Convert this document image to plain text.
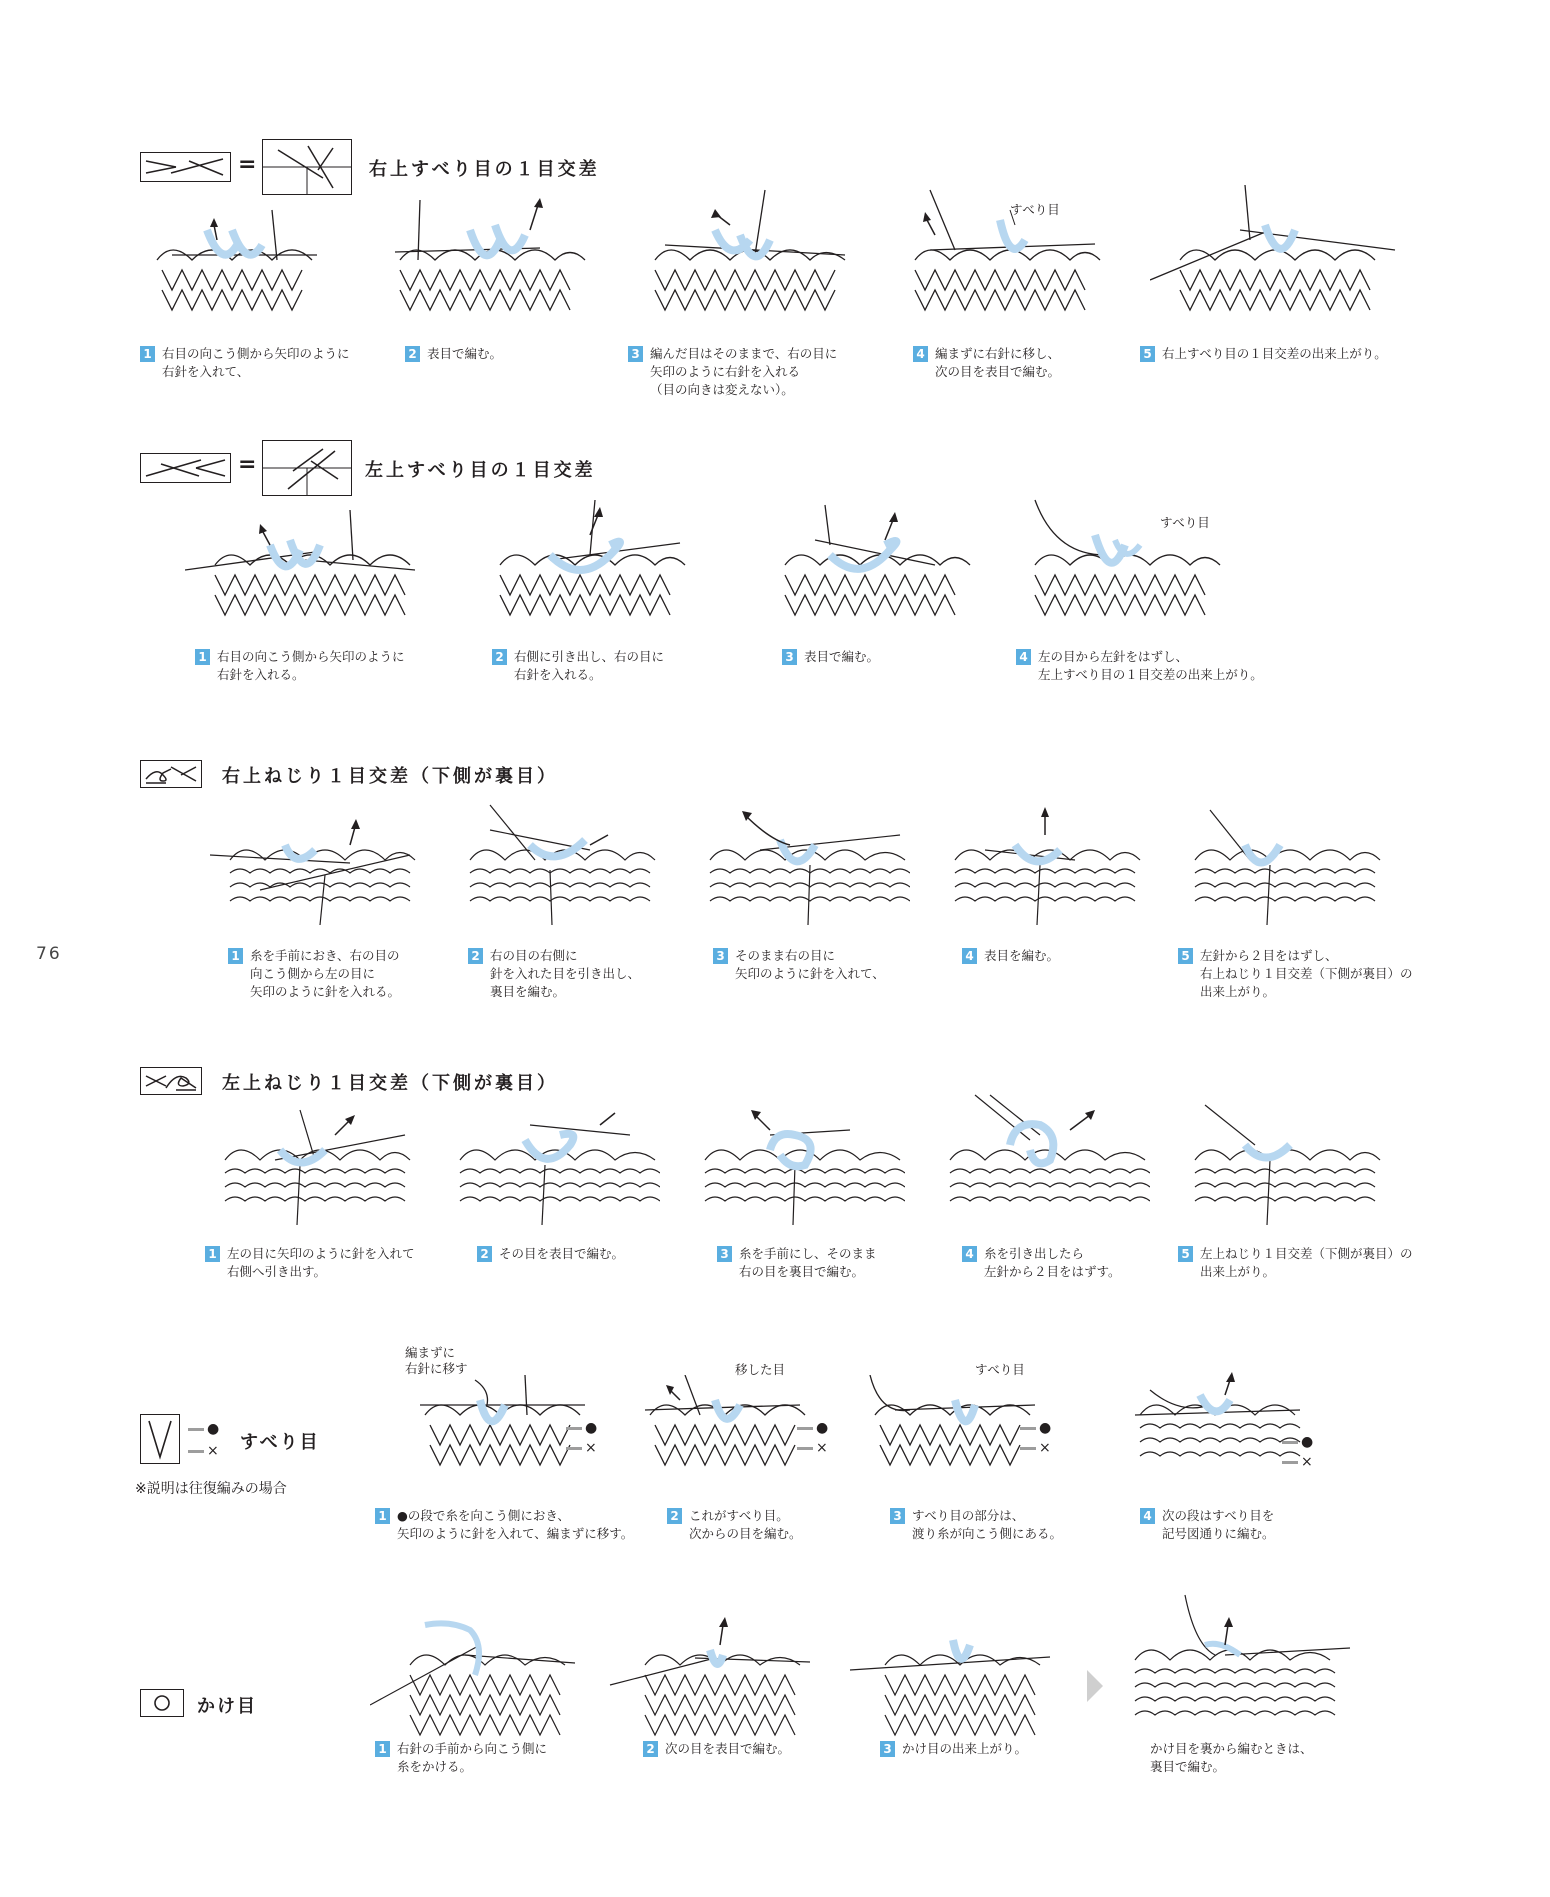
76
=	右上すべり目の１目交差
すべり目
1 右目の向こう側から矢印のように
右針を入れて、
2 表目で編む。	3 編んだ目はそのままで、右の目に
矢印のように右針を入れる
（目の向きは変えない）。
4 編まずに右針に移し、
次の目を表目で編む。
5 右上すべり目の１目交差の出来上がり。
=	左上すべり目の１目交差
すべり目
1 右目の向こう側から矢印のように
右針を入れる。
2 右側に引き出し、右の目に
右針を入れる。
3 表目で編む。	4 左の目から左針をはずし、
左上すべり目の１目交差の出来上がり。
右上ねじり１目交差（下側が裏目）
1 糸を手前におき、右の目の
向こう側から左の目に
矢印のように針を入れる。
2 右の目の右側に
針を入れた目を引き出し、
裏目を編む。
3 そのまま右の目に
矢印のように針を入れて、
4 表目を編む。	5 左針から２目をはずし、
右上ねじり１目交差（下側が裏目）の
出来上がり。
左上ねじり１目交差（下側が裏目）
1 左の目に矢印のように針を入れて
右側へ引き出す。
2 その目を表目で編む。	3 糸を手前にし、そのまま
右の目を裏目で編む。
4 糸を引き出したら
左針から２目をはずす。
5 左上ねじり１目交差（下側が裏目）の
出来上がり。
●
× すべり目
※説明は往復編みの場合
編まずに
右針に移す
●
×
移した目
●
×
すべり目
●
×	●
×
1 ●の段で糸を向こう側におき、
矢印のように針を入れて、編まずに移す。
2 これがすべり目。
次からの目を編む。
3 すべり目の部分は、
渡り糸が向こう側にある。
4 次の段はすべり目を
記号図通りに編む。
かけ目
1 右針の手前から向こう側に
糸をかける。
2 次の目を表目で編む。	3 かけ目の出来上がり。	かけ目を裏から編むときは、
裏目で編む。
